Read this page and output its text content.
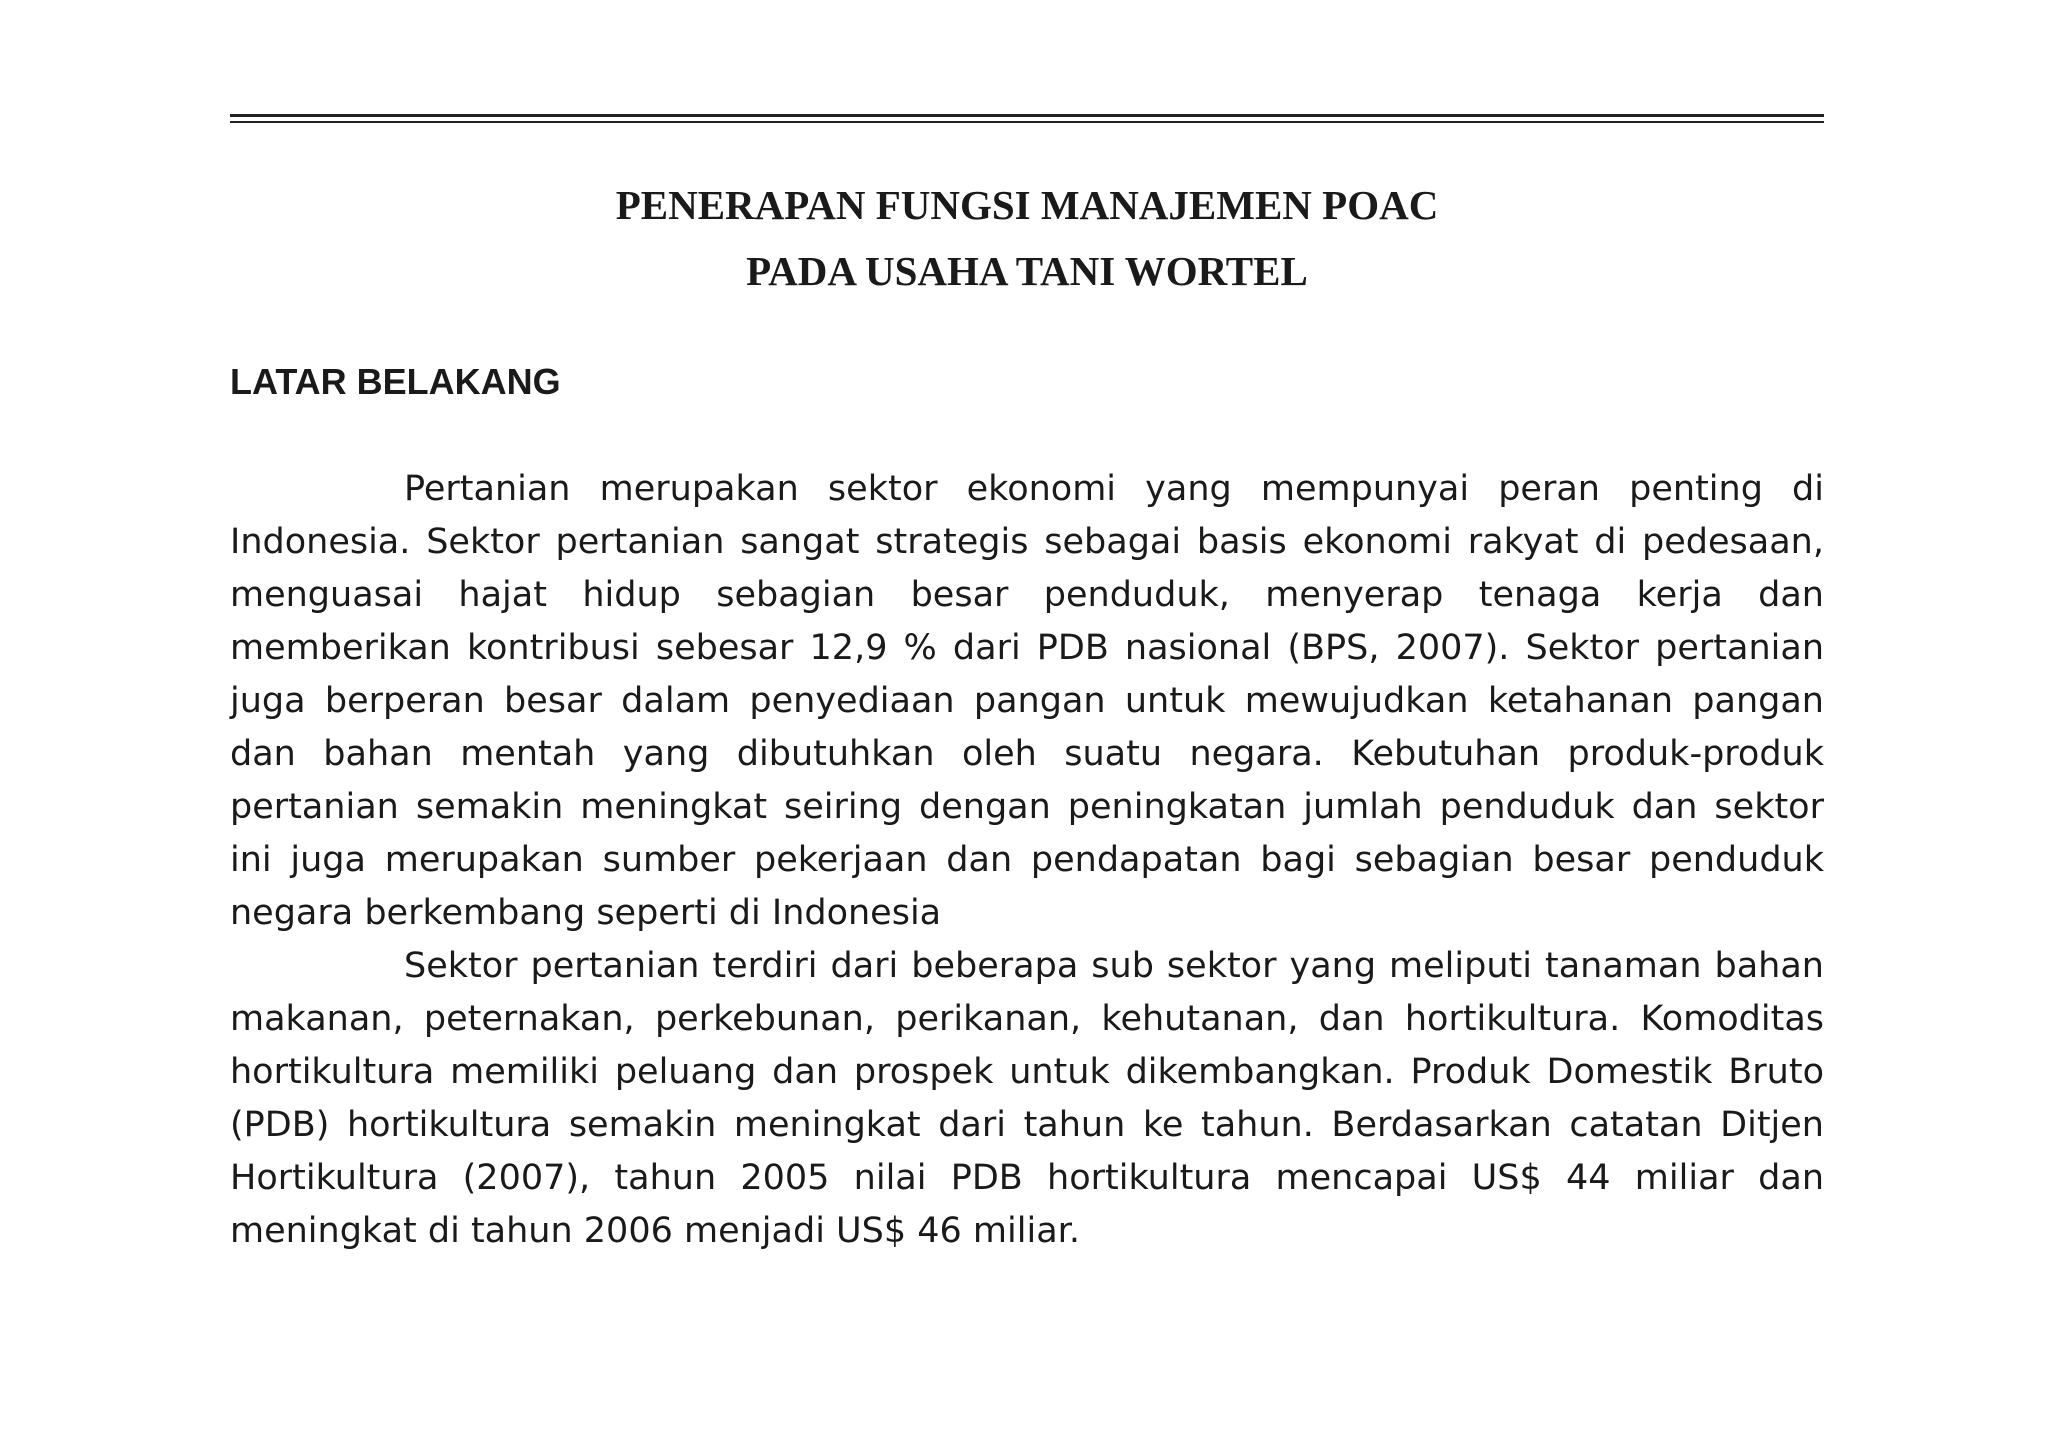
PENERAPAN FUNGSI MANAJEMEN POAC
PADA USAHA TANI WORTEL
LATAR BELAKANG

Pertanian merupakan sektor ekonomi yang mempunyai peran penting di Indonesia. Sektor pertanian sangat strategis sebagai basis ekonomi rakyat di pedesaan, menguasai hajat hidup sebagian besar penduduk, menyerap tenaga kerja dan memberikan kontribusi sebesar 12,9 % dari PDB nasional (BPS, 2007). Sektor pertanian juga berperan besar dalam penyediaan pangan untuk mewujudkan ketahanan pangan dan bahan mentah yang dibutuhkan oleh suatu negara. Kebutuhan produk-produk pertanian semakin meningkat seiring dengan peningkatan jumlah penduduk dan sektor ini juga merupakan sumber pekerjaan dan pendapatan bagi sebagian besar penduduk negara berkembang seperti di Indonesia

Sektor pertanian terdiri dari beberapa sub sektor yang meliputi tanaman bahan makanan, peternakan, perkebunan, perikanan, kehutanan, dan hortikultura. Komoditas hortikultura memiliki peluang dan prospek untuk dikembangkan. Produk Domestik Bruto (PDB) hortikultura semakin meningkat dari tahun ke tahun. Berdasarkan catatan Ditjen Hortikultura (2007), tahun 2005 nilai PDB hortikultura mencapai US$ 44 miliar dan meningkat di tahun 2006 menjadi US$ 46 miliar.
